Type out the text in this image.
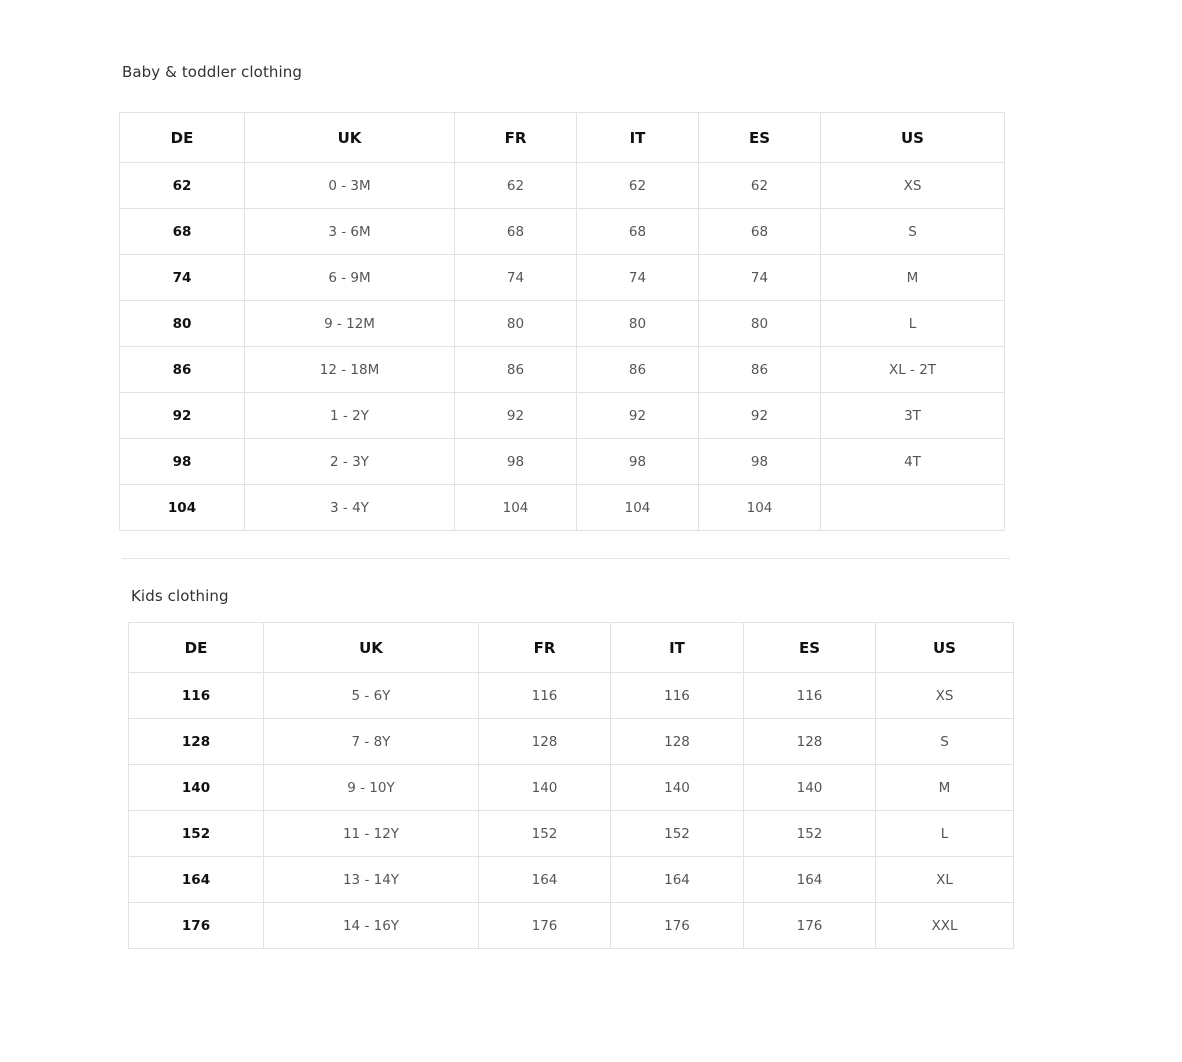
Baby & toddler clothing
DE	UK	FR	IT	ES	US
62	0 - 3M	62	62	62	XS
68	3 - 6M	68	68	68	S
74	6 - 9M	74	74	74	M
80	9 - 12M	80	80	80	L
86	12 - 18M	86	86	86	XL - 2T
92	1 - 2Y	92	92	92	3T
98	2 - 3Y	98	98	98	4T
104	3 - 4Y	104	104	104	
Kids clothing
DE	UK	FR	IT	ES	US
116	5 - 6Y	116	116	116	XS
128	7 - 8Y	128	128	128	S
140	9 - 10Y	140	140	140	M
152	11 - 12Y	152	152	152	L
164	13 - 14Y	164	164	164	XL
176	14 - 16Y	176	176	176	XXL
